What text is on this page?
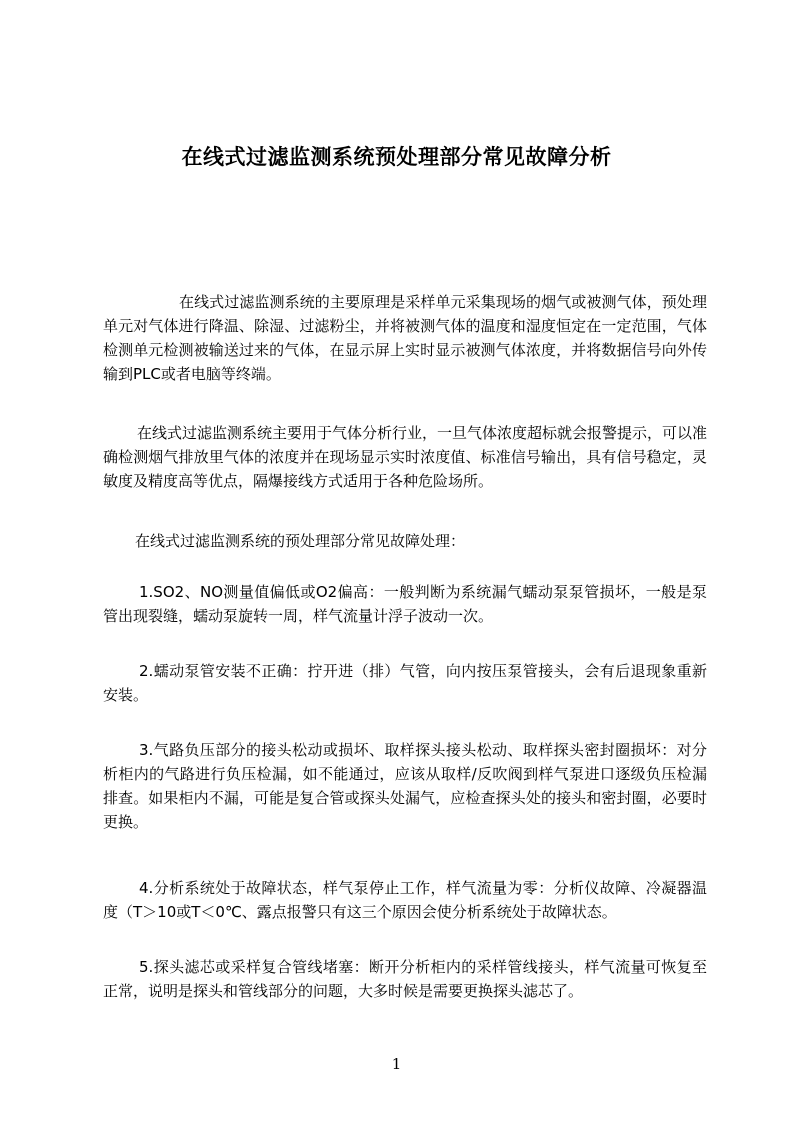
在线式过滤监测系统预处理部分常见故障分析

在线式过滤监测系统的主要原理是采样单元采集现场的烟气或被测气体，预处理单元对气体进行降温、除湿、过滤粉尘，并将被测气体的温度和湿度恒定在一定范围，气体检测单元检测被输送过来的气体，在显示屏上实时显示被测气体浓度，并将数据信号向外传输到PLC或者电脑等终端。

在线式过滤监测系统主要用于气体分析行业，一旦气体浓度超标就会报警提示，可以准确检测烟气排放里气体的浓度并在现场显示实时浓度值、标准信号输出，具有信号稳定，灵敏度及精度高等优点，隔爆接线方式适用于各种危险场所。

在线式过滤监测系统的预处理部分常见故障处理：

1.SO2、NO测量值偏低或O2偏高：一般判断为系统漏气蠕动泵泵管损坏，一般是泵管出现裂缝，蠕动泵旋转一周，样气流量计浮子波动一次。

2.蠕动泵管安装不正确：拧开进（排）气管，向内按压泵管接头，会有后退现象重新安装。

3.气路负压部分的接头松动或损坏、取样探头接头松动、取样探头密封圈损坏：对分析柜内的气路进行负压检漏，如不能通过，应该从取样/反吹阀到样气泵进口逐级负压检漏排查。如果柜内不漏，可能是复合管或探头处漏气，应检查探头处的接头和密封圈，必要时更换。

4.分析系统处于故障状态，样气泵停止工作，样气流量为零：分析仪故障、冷凝器温度（T＞10或T＜0℃、露点报警只有这三个原因会使分析系统处于故障状态。

5.探头滤芯或采样复合管线堵塞：断开分析柜内的采样管线接头，样气流量可恢复至正常，说明是探头和管线部分的问题，大多时候是需要更换探头滤芯了。

1
